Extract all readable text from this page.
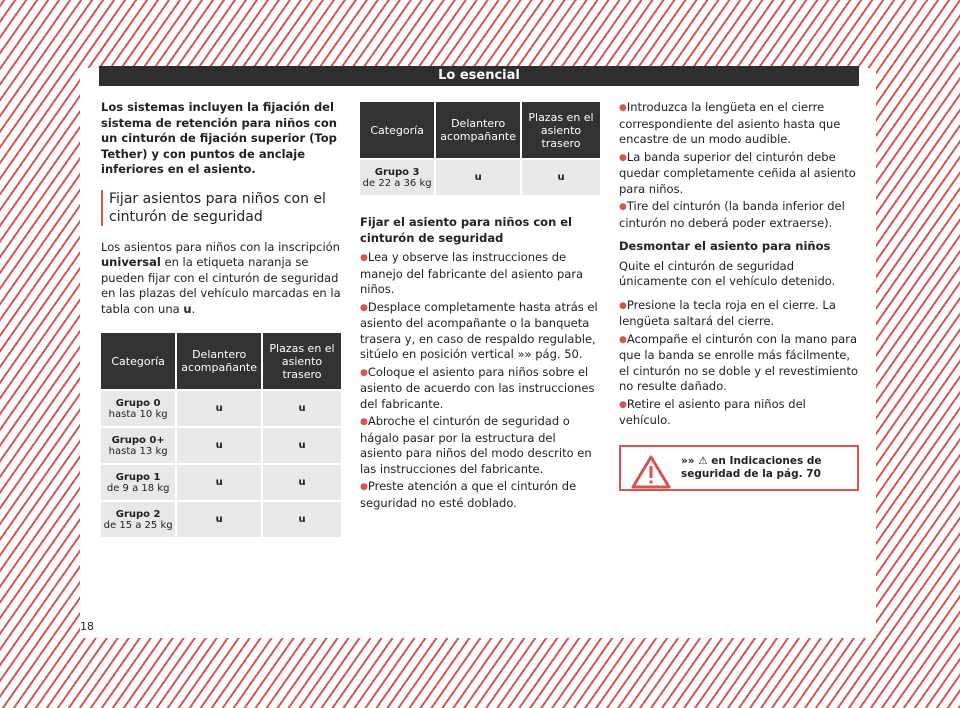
Lo esencial

Los sistemas incluyen la fijación del sistema de retención para niños con un cinturón de fijación superior (Top Tether) y con puntos de anclaje inferiores en el asiento.

Fijar asientos para niños con el cinturón de seguridad

Los asientos para niños con la inscripción universal en la etiqueta naranja se pueden fijar con el cinturón de seguridad en las plazas del vehículo marcadas en la tabla con una u.

Categoría	Delantero acompañante	Plazas en el asiento trasero

Grupo 0
hasta 10 kg	u	u

Grupo 0+
hasta 13 kg	u	u

Grupo 1
de 9 a 18 kg	u	u

Grupo 2
de 15 a 25 kg	u	u
Categoría	Delantero acompañante	Plazas en el asiento trasero

Grupo 3
de 22 a 36 kg	u	u
Fijar el asiento para niños con el cinturón de seguridad

● Lea y observe las instrucciones de manejo del fabricante del asiento para niños.

● Desplace completamente hasta atrás el asiento del acompañante o la banqueta trasera y, en caso de respaldo regulable, sitúelo en posición vertical »» pág. 50.

● Coloque el asiento para niños sobre el asiento de acuerdo con las instrucciones del fabricante.

● Abroche el cinturón de seguridad o hágalo pasar por la estructura del asiento para niños del modo descrito en las instrucciones del fabricante.

● Preste atención a que el cinturón de seguridad no esté doblado.

● Introduzca la lengüeta en el cierre correspondiente del asiento hasta que encastre de un modo audible.

● La banda superior del cinturón debe quedar completamente ceñida al asiento para niños.

● Tire del cinturón (la banda inferior del cinturón no deberá poder extraerse).

Desmontar el asiento para niños

Quite el cinturón de seguridad únicamente con el vehículo detenido.

● Presione la tecla roja en el cierre. La lengüeta saltará del cierre.

● Acompañe el cinturón con la mano para que la banda se enrolle más fácilmente, el cinturón no se doble y el revestimiento no resulte dañado.

● Retire el asiento para niños del vehículo.

»» ⚠ en Indicaciones de seguridad de la pág. 70
18
